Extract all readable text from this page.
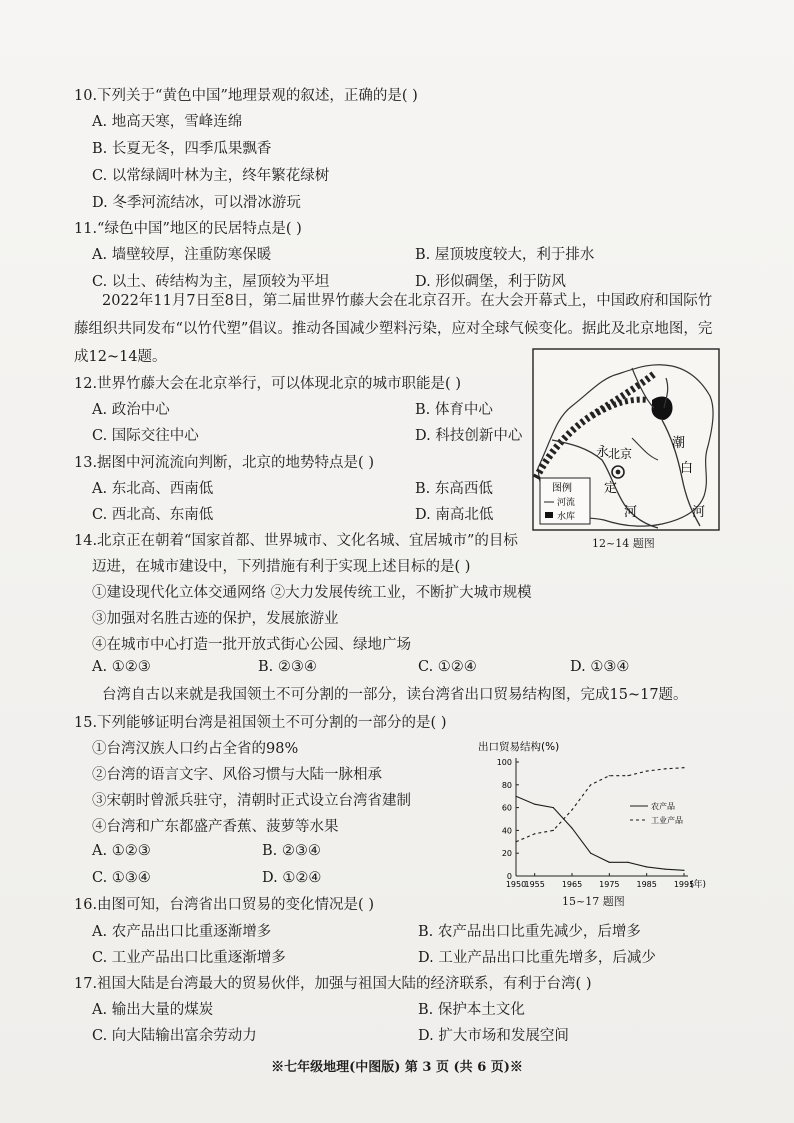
10.下列关于“黄色中国”地理景观的叙述，正确的是( )
A. 地高天寒，雪峰连绵
B. 长夏无冬，四季瓜果飘香
C. 以常绿阔叶林为主，终年繁花绿树
D. 冬季河流结冰，可以滑冰游玩
11.“绿色中国”地区的民居特点是( )
A. 墙壁较厚，注重防寒保暖	B. 屋顶坡度较大，利于排水
C. 以土、砖结构为主，屋顶较为平坦	D. 形似碉堡，利于防风
2022年11月7日至8日，第二届世界竹藤大会在北京召开。在大会开幕式上，中国政府和国际竹藤组织共同发布“以竹代塑”倡议。推动各国减少塑料污染，应对全球气候变化。据此及北京地图，完成12~14题。
12.世界竹藤大会在北京举行，可以体现北京的城市职能是( )
A. 政治中心	B. 体育中心
C. 国际交往中心	D. 科技创新中心
13.据图中河流流向判断，北京的地势特点是( )
A. 东北高、西南低	B. 东高西低
C. 西北高、东南低	D. 南高北低
北京
潮
白
永
定
河	河
图例
河流
水库
12~14 题图
14.北京正在朝着“国家首都、世界城市、文化名城、宜居城市”的目标
迈进，在城市建设中，下列措施有利于实现上述目标的是( )
①建设现代化立体交通网络 ②大力发展传统工业，不断扩大城市规模
③加强对名胜古迹的保护，发展旅游业
④在城市中心打造一批开放式街心公园、绿地广场
A. ①②③	B. ②③④	C. ①②④	D. ①③④
台湾自古以来就是我国领土不可分割的一部分，读台湾省出口贸易结构图，完成15~17题。
15.下列能够证明台湾是祖国领土不可分割的一部分的是( )
①台湾汉族人口约占全省的98%
②台湾的语言文字、风俗习惯与大陆一脉相承
③宋朝时曾派兵驻守，清朝时正式设立台湾省建制
④台湾和广东都盛产香蕉、菠萝等水果
A. ①②③	B. ②③④
C. ①③④	D. ①②④
出口贸易结构(%)
0
20
40
60
80
100
1950
1955 1965 1975 1985 1995
(年)
农产品
工业产品
15~17 题图
16.由图可知，台湾省出口贸易的变化情况是( )
A. 农产品出口比重逐渐增多	B. 农产品出口比重先减少，后增多
C. 工业产品出口比重逐渐增多	D. 工业产品出口比重先增多，后减少
17.祖国大陆是台湾最大的贸易伙伴，加强与祖国大陆的经济联系，有利于台湾( )
A. 输出大量的煤炭	B. 保护本土文化
C. 向大陆输出富余劳动力	D. 扩大市场和发展空间
※七年级地理(中图版) 第 3 页 (共 6 页)※
